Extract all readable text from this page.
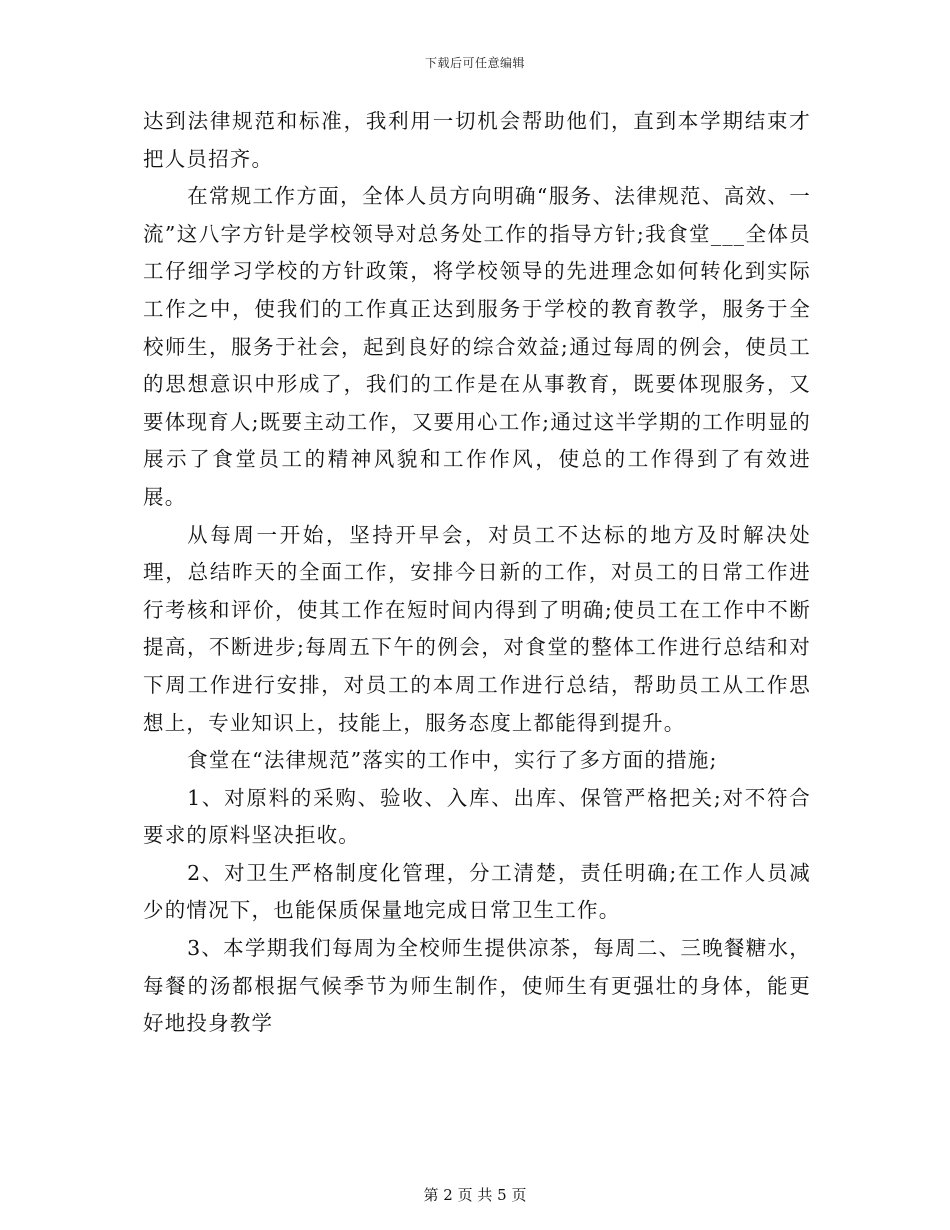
下载后可任意编辑

达到法律规范和标准，我利用一切机会帮助他们，直到本学期结束才把人员招齐。

在常规工作方面，全体人员方向明确“服务、法律规范、高效、一流”这八字方针是学校领导对总务处工作的指导方针;我食堂___全体员工仔细学习学校的方针政策，将学校领导的先进理念如何转化到实际工作之中，使我们的工作真正达到服务于学校的教育教学，服务于全校师生，服务于社会，起到良好的综合效益;通过每周的例会，使员工的思想意识中形成了，我们的工作是在从事教育，既要体现服务，又要体现育人;既要主动工作，又要用心工作;通过这半学期的工作明显的展示了食堂员工的精神风貌和工作作风，使总的工作得到了有效进展。

从每周一开始，坚持开早会，对员工不达标的地方及时解决处理，总结昨天的全面工作，安排今日新的工作，对员工的日常工作进行考核和评价，使其工作在短时间内得到了明确;使员工在工作中不断提高，不断进步;每周五下午的例会，对食堂的整体工作进行总结和对下周工作进行安排，对员工的本周工作进行总结，帮助员工从工作思想上，专业知识上，技能上，服务态度上都能得到提升。

食堂在“法律规范”落实的工作中，实行了多方面的措施;

1、对原料的采购、验收、入库、出库、保管严格把关;对不符合要求的原料坚决拒收。

2、对卫生严格制度化管理，分工清楚，责任明确;在工作人员减少的情况下，也能保质保量地完成日常卫生工作。

3、本学期我们每周为全校师生提供凉茶，每周二、三晚餐糖水，每餐的汤都根据气候季节为师生制作，使师生有更强壮的身体，能更好地投身教学

第 2 页 共 5 页
